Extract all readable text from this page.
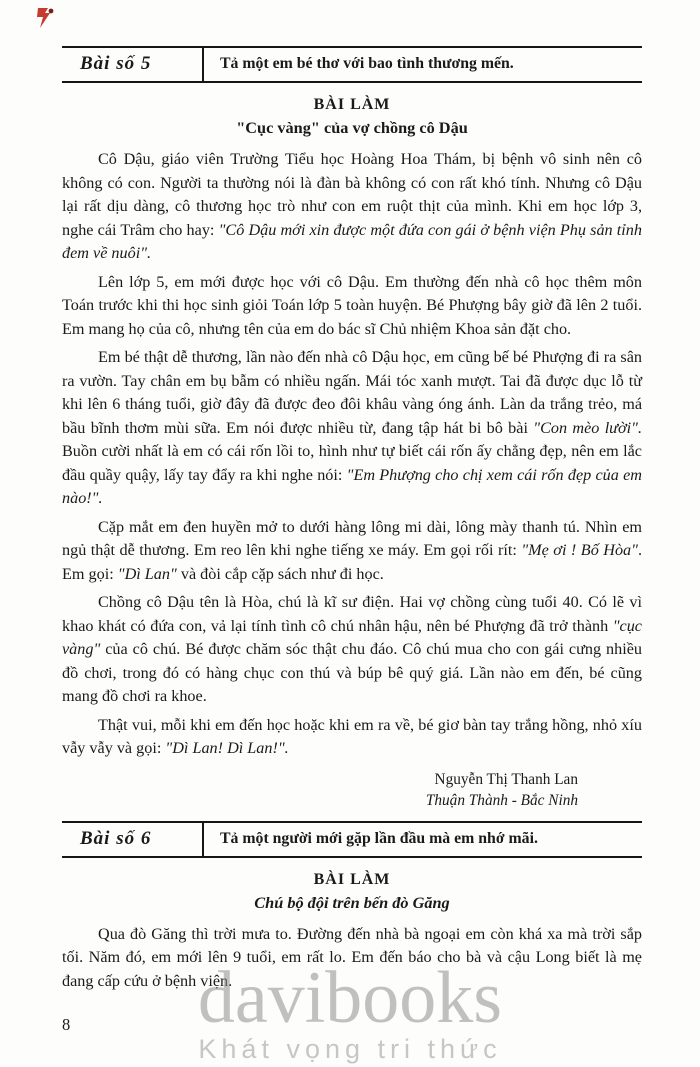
Bài số 5	Tả một em bé thơ với bao tình thương mến.
BÀI LÀM
"Cục vàng" của vợ chồng cô Dậu

Cô Dậu, giáo viên Trường Tiểu học Hoàng Hoa Thám, bị bệnh vô sinh nên cô không có con. Người ta thường nói là đàn bà không có con rất khó tính. Nhưng cô Dậu lại rất dịu dàng, cô thương học trò như con em ruột thịt của mình. Khi em học lớp 3, nghe cái Trâm cho hay: "Cô Dậu mới xin được một đứa con gái ở bệnh viện Phụ sản tỉnh đem về nuôi".

Lên lớp 5, em mới được học với cô Dậu. Em thường đến nhà cô học thêm môn Toán trước khi thi học sinh giỏi Toán lớp 5 toàn huyện. Bé Phượng bây giờ đã lên 2 tuổi. Em mang họ của cô, nhưng tên của em do bác sĩ Chủ nhiệm Khoa sản đặt cho.

Em bé thật dễ thương, lần nào đến nhà cô Dậu học, em cũng bế bé Phượng đi ra sân ra vườn. Tay chân em bụ bẫm có nhiều ngấn. Mái tóc xanh mượt. Tai đã được dục lỗ từ khi lên 6 tháng tuổi, giờ đây đã được đeo đôi khâu vàng óng ánh. Làn da trắng trẻo, má bầu bĩnh thơm mùi sữa. Em nói được nhiều từ, đang tập hát bi bô bài "Con mèo lười". Buồn cười nhất là em có cái rốn lồi to, hình như tự biết cái rốn ấy chẳng đẹp, nên em lắc đầu quầy quậy, lấy tay đẩy ra khi nghe nói: "Em Phượng cho chị xem cái rốn đẹp của em nào!".

Cặp mắt em đen huyền mở to dưới hàng lông mi dài, lông mày thanh tú. Nhìn em ngủ thật dễ thương. Em reo lên khi nghe tiếng xe máy. Em gọi rối rít: "Mẹ ơi ! Bố Hòa". Em gọi: "Dì Lan" và đòi cắp cặp sách như đi học.

Chồng cô Dậu tên là Hòa, chú là kĩ sư điện. Hai vợ chồng cùng tuổi 40. Có lẽ vì khao khát có đứa con, vả lại tính tình cô chú nhân hậu, nên bé Phượng đã trở thành "cục vàng" của cô chú. Bé được chăm sóc thật chu đáo. Cô chú mua cho con gái cưng nhiều đồ chơi, trong đó có hàng chục con thú và búp bê quý giá. Lần nào em đến, bé cũng mang đồ chơi ra khoe.

Thật vui, mỗi khi em đến học hoặc khi em ra về, bé giơ bàn tay trắng hồng, nhỏ xíu vẫy vẫy và gọi: "Dì Lan! Dì Lan!".

Nguyễn Thị Thanh Lan
Thuận Thành - Bắc Ninh
Bài số 6	Tả một người mới gặp lần đầu mà em nhớ mãi.
BÀI LÀM
Chú bộ đội trên bến đò Găng

Qua đò Găng thì trời mưa to. Đường đến nhà bà ngoại em còn khá xa mà trời sắp tối. Năm đó, em mới lên 9 tuổi, em rất lo. Em đến báo cho bà và cậu Long biết là mẹ đang cấp cứu ở bệnh viện.

8	davibooks
Khát vọng tri thức
